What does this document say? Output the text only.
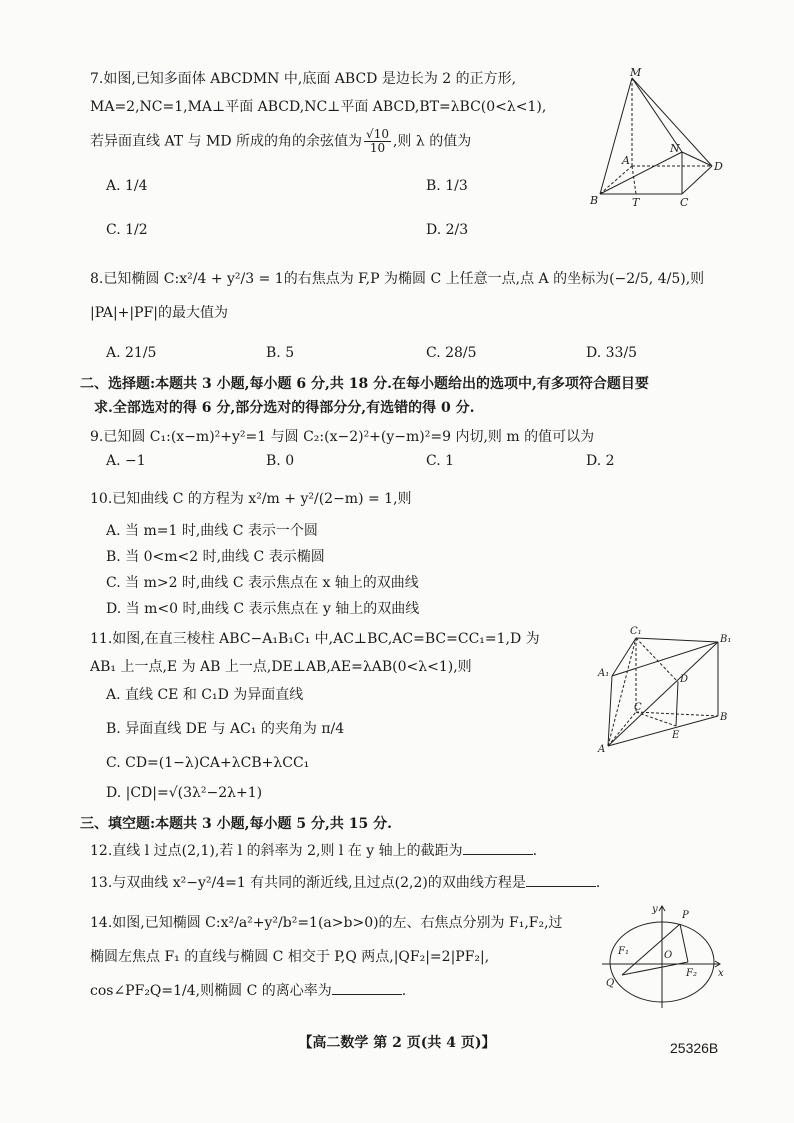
7.如图,已知多面体 ABCDMN 中,底面 ABCD 是边长为 2 的正方形,
MA=2,NC=1,MA⊥平面 ABCD,NC⊥平面 ABCD,BT=λBC(0<λ<1),
若异面直线 AT 与 MD 所成的角的余弦值为 $\frac{√10}{10}$ ,则 λ 的值为
A. 1/4	B. 1/3
C. 1/2	D. 2/3
M
N
A	D
B	T	C
8.已知椭圆 C:x²/4 + y²/3 = 1的右焦点为 F,P 为椭圆 C 上任意一点,点 A 的坐标为(−2/5, 4/5),则
|PA|+|PF|的最大值为
A. 21/5	B. 5	C. 28/5	D. 33/5
二、选择题:本题共 3 小题,每小题 6 分,共 18 分.在每小题给出的选项中,有多项符合题目要
求.全部选对的得 6 分,部分选对的得部分分,有选错的得 0 分.
9.已知圆 C₁:(x−m)²+y²=1 与圆 C₂:(x−2)²+(y−m)²=9 内切,则 m 的值可以为
A. −1	B. 0	C. 1	D. 2
10.已知曲线 C 的方程为 x²/m + y²/(2−m) = 1,则
A. 当 m=1 时,曲线 C 表示一个圆
B. 当 0<m<2 时,曲线 C 表示椭圆
C. 当 m>2 时,曲线 C 表示焦点在 x 轴上的双曲线
D. 当 m<0 时,曲线 C 表示焦点在 y 轴上的双曲线
11.如图,在直三棱柱 ABC−A₁B₁C₁ 中,AC⊥BC,AC=BC=CC₁=1,D 为
AB₁ 上一点,E 为 AB 上一点,DE⊥AB,AE=λAB(0<λ<1),则
A. 直线 CE 和 C₁D 为异面直线
B. 异面直线 DE 与 AC₁ 的夹角为 π/4
C. CD=(1−λ)CA+λCB+λCC₁
D. |CD|=√(3λ²−2λ+1)
C₁
B₁
A₁
D
C
B
A
E
三、填空题:本题共 3 小题,每小题 5 分,共 15 分.
12.直线 l 过点(2,1),若 l 的斜率为 2,则 l 在 y 轴上的截距为	.
13.与双曲线 x²−y²/4=1 有共同的渐近线,且过点(2,2)的双曲线方程是	.
14.如图,已知椭圆 C:x²/a²+y²/b²=1(a>b>0)的左、右焦点分别为 F₁,F₂,过
椭圆左焦点 F₁ 的直线与椭圆 C 相交于 P,Q 两点,|QF₂|=2|PF₂|,
cos∠PF₂Q=1/4,则椭圆 C 的离心率为	.
y
P
F₁	O
F₂ x
Q
【高二数学 第 2 页(共 4 页)】	25326B
